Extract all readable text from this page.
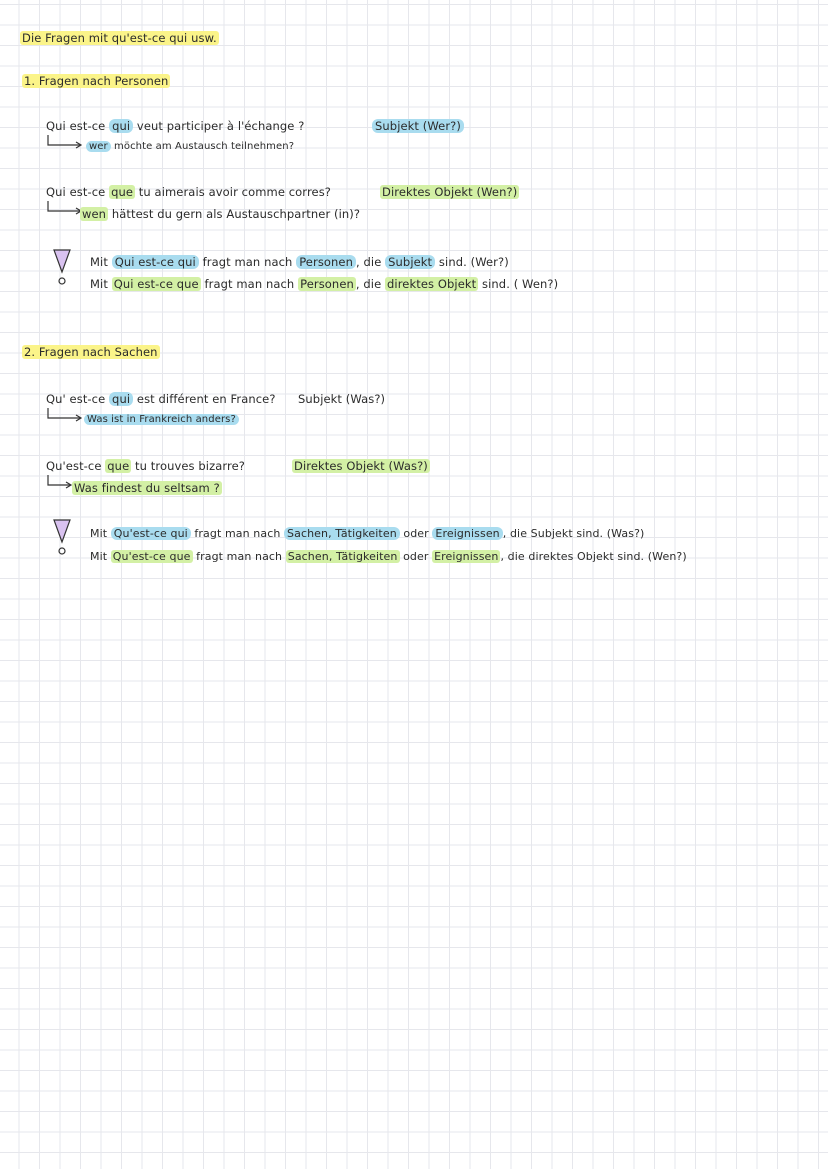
Die Fragen mit qu'est-ce qui usw.
1. Fragen nach Personen
Qui est-ce qui veut participer à l'échange ?
wer möchte am Austausch teilnehmen?
Subjekt (Wer?)
Qui est-ce que tu aimerais avoir comme corres?
wen hättest du gern als Austauschpartner (in)?
Direktes Objekt (Wen?)
Mit Qui est-ce qui fragt man nach Personen , die Subjekt sind. (Wer?)
Mit Qui est-ce que fragt man nach Personen , die direktes Objekt sind. ( Wen?)
2. Fragen nach Sachen
Qu' est-ce qui est différent en France?
Was ist in Frankreich anders?
Subjekt (Was?)
Qu'est-ce que tu trouves bizarre?
Was findest du seltsam ?
Direktes Objekt (Was?)
Mit Qu'est-ce qui fragt man nach Sachen, Tätigkeiten oder Ereignissen , die Subjekt sind. (Was?)
Mit Qu'est-ce que fragt man nach Sachen, Tätigkeiten oder Ereignissen , die direktes Objekt sind. (Wen?)
